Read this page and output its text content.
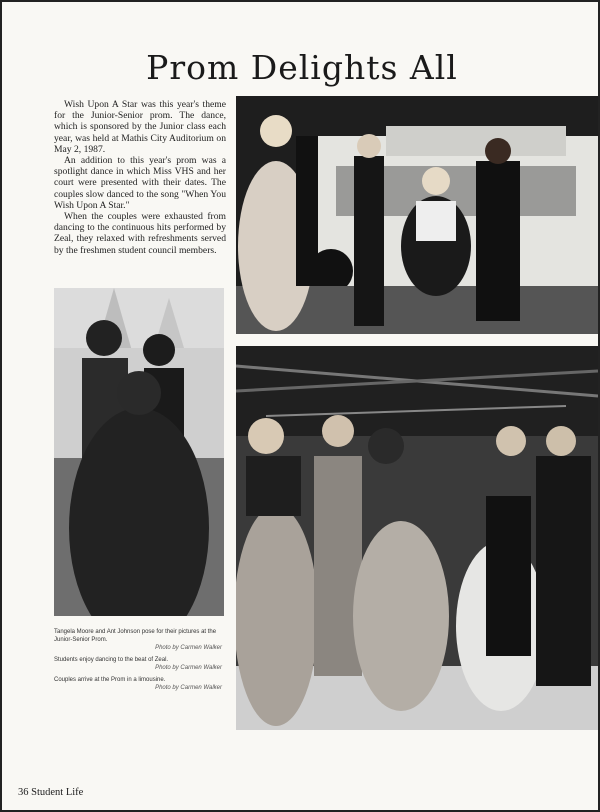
Prom Delights All

Wish Upon A Star was this year's theme for the Junior-Senior prom. The dance, which is sponsored by the Junior class each year, was held at Mathis City Auditorium on May 2, 1987.

An addition to this year's prom was a spotlight dance in which Miss VHS and her court were presented with their dates. The couples slow danced to the song "When You Wish Upon A Star."

When the couples were exhausted from dancing to the continuous hits performed by Zeal, they relaxed with refreshments served by the freshmen student council members.

Tangela Moore and Ant Johnson pose for their pictures at the Junior-Senior Prom.
Photo by Carmen Walker
Students enjoy dancing to the beat of Zeal.
Photo by Carmen Walker
Couples arrive at the Prom in a limousine.
Photo by Carmen Walker
36 Student Life
